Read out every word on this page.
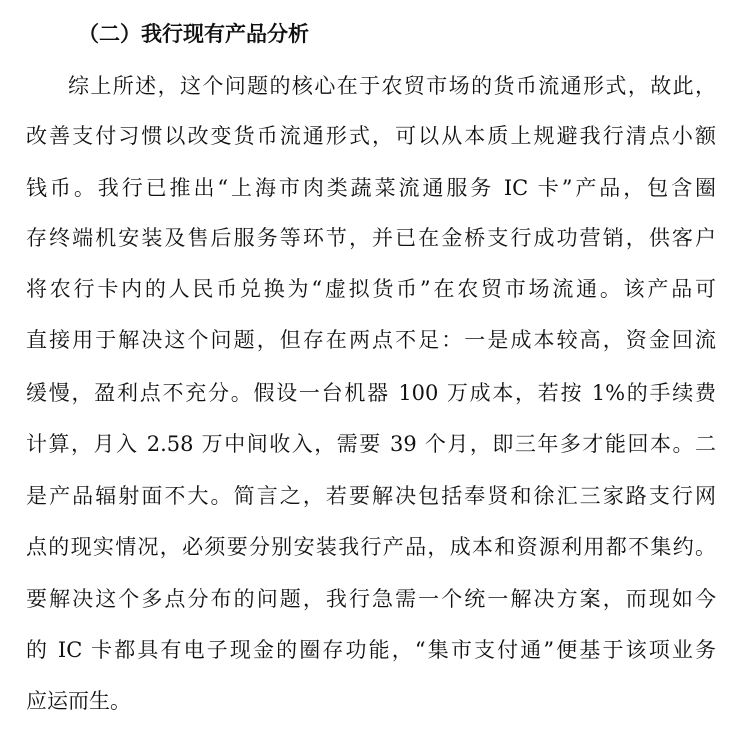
（二）我行现有产品分析
综上所述，这个问题的核心在于农贸市场的货币流通形式，故此，
改善支付习惯以改变货币流通形式，可以从本质上规避我行清点小额
钱币。我行已推出“上海市肉类蔬菜流通服务 IC 卡”产品，包含圈
存终端机安装及售后服务等环节，并已在金桥支行成功营销，供客户
将农行卡内的人民币兑换为“虚拟货币”在农贸市场流通。该产品可
直接用于解决这个问题，但存在两点不足：一是成本较高，资金回流
缓慢，盈利点不充分。假设一台机器 100 万成本，若按 1%的手续费
计算，月入 2.58 万中间收入，需要 39 个月，即三年多才能回本。二
是产品辐射面不大。简言之，若要解决包括奉贤和徐汇三家路支行网
点的现实情况，必须要分别安装我行产品，成本和资源利用都不集约。
要解决这个多点分布的问题，我行急需一个统一解决方案，而现如今
的 IC 卡都具有电子现金的圈存功能，“集市支付通”便基于该项业务
应运而生。
